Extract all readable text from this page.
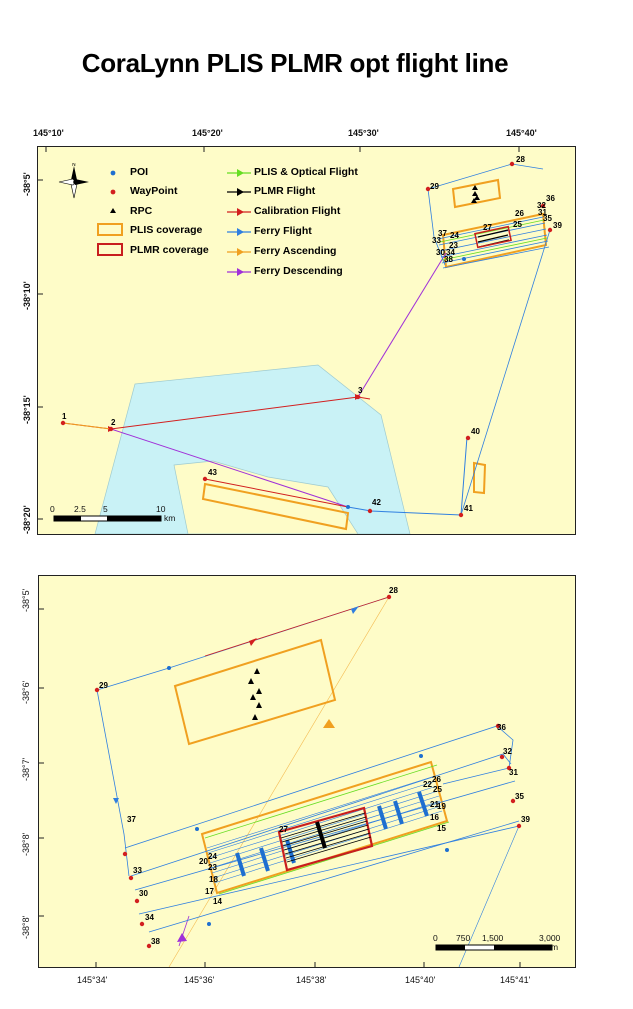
CoraLynn PLIS PLMR opt flight line
145°10'	145°20'	145°30'	145°40'
-38°5'
-38°10'
-38°15'
-38°20'
1
2
3
28
29
36
32
31
35
39
26
25
27
37 24
33
23
30 34
38
40
41
42
43
0 2.5 5	10
km
N
POI
WayPoint
RPC
PLIS coverage
PLMR coverage
PLIS & Optical Flight
PLMR Flight
Calibration Flight
Ferry Flight
Ferry Ascending
Ferry Descending
-38°5'
-38°6'
-38°7'
-38°8'
-38°8'
145°34'	145°36'	145°38'	145°40'	145°41'
28
29
36
32
31
35
39
26
22
25
21
19
16
15
27
37
24
20
33	23
18
30	17
14
34
38	0 750 1,500	3,000
m
